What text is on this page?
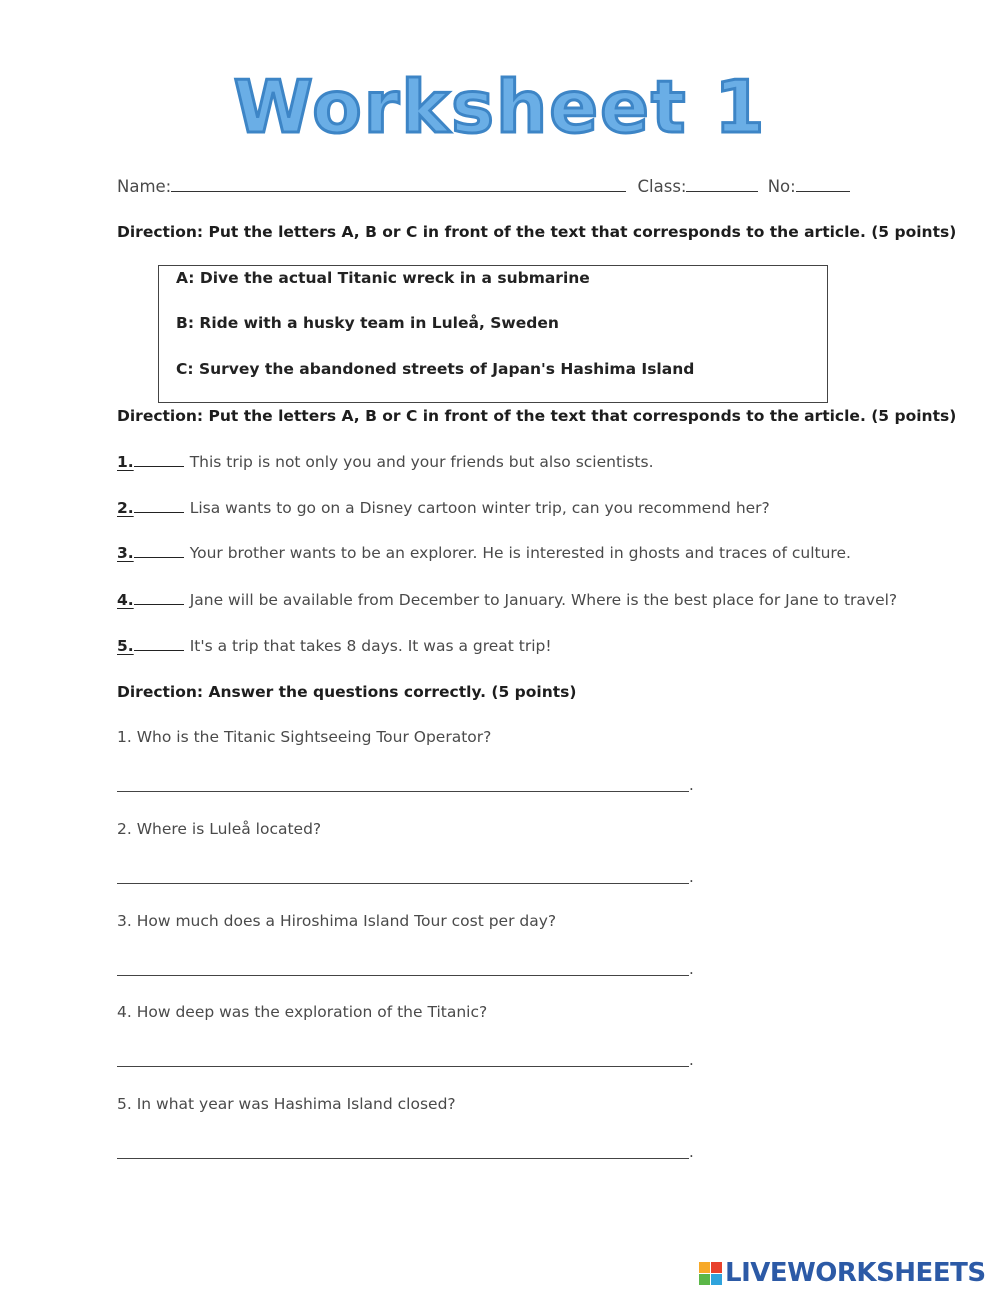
Worksheet 1
Name:	Class:	No:
Direction: Put the letters A, B or C in front of the text that corresponds to the article. (5 points)
A: Dive the actual Titanic wreck in a submarine
B: Ride with a husky team in Luleå, Sweden
C: Survey the abandoned streets of Japan's Hashima Island
Direction: Put the letters A, B or C in front of the text that corresponds to the article. (5 points)
1.	This trip is not only you and your friends but also scientists.
2.	Lisa wants to go on a Disney cartoon winter trip, can you recommend her?
3.	Your brother wants to be an explorer. He is interested in ghosts and traces of culture.
4.	Jane will be available from December to January. Where is the best place for Jane to travel?
5.	It's a trip that takes 8 days. It was a great trip!
Direction: Answer the questions correctly. (5 points)
1. Who is the Titanic Sightseeing Tour Operator?
.
2. Where is Luleå located?
.
3. How much does a Hiroshima Island Tour cost per day?
.
4. How deep was the exploration of the Titanic?
.
5. In what year was Hashima Island closed?
.
LIVEWORKSHEETS
